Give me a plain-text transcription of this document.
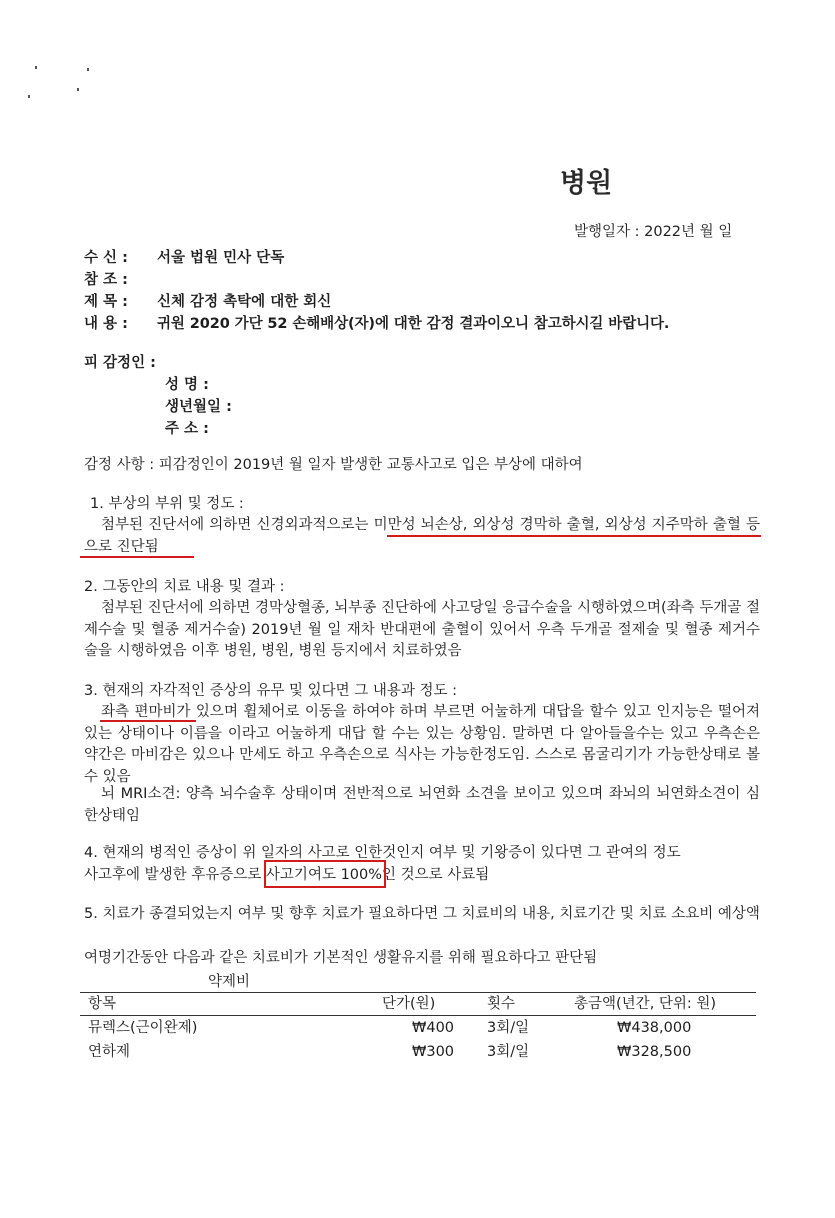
병원
발행일자 : 2022년 월 일
수 신 : 서울 법원 민사 단독
참 조 :
제 목 : 신체 감정 촉탁에 대한 회신
내 용 : 귀원 2020 가단 52 손해배상(자)에 대한 감정 결과이오니 참고하시길 바랍니다.
피 감정인 :
성 명 :
생년월일 :
주 소 :
감정 사항 : 피감정인이 2019년 월 일자 발생한 교통사고로 입은 부상에 대하여
1. 부상의 부위 및 정도 :
첨부된 진단서에 의하면 신경외과적으로는 미만성 뇌손상, 외상성 경막하 출혈, 외상성 지주막하 출혈 등으로 진단됨
2. 그동안의 치료 내용 및 결과 :
첨부된 진단서에 의하면 경막상혈종, 뇌부종 진단하에 사고당일 응급수술을 시행하였으며(좌측 두개골 절제수술 및 혈종 제거수술) 2019년 월 일 재차 반대편에 출혈이 있어서 우측 두개골 절제술 및 혈종 제거수술을 시행하였음 이후 병원, 병원, 병원 등지에서 치료하였음
3. 현재의 자각적인 증상의 유무 및 있다면 그 내용과 정도 :
좌측 편마비가 있으며 휠체어로 이동을 하여야 하며 부르면 어눌하게 대답을 할수 있고 인지능은 떨어져 있는 상태이나 이름을 이라고 어눌하게 대답 할 수는 있는 상황임. 말하면 다 알아들을수는 있고 우측손은 약간은 마비감은 있으나 만세도 하고 우측손으로 식사는 가능한정도임. 스스로 몸굴리기가 가능한상태로 볼수 있음
뇌 MRI소견: 양측 뇌수술후 상태이며 전반적으로 뇌연화 소견을 보이고 있으며 좌뇌의 뇌연화소견이 심한상태임
4. 현재의 병적인 증상이 위 일자의 사고로 인한것인지 여부 및 기왕증이 있다면 그 관여의 정도
사고후에 발생한 후유증으로 사고기여도 100%인 것으로 사료됨
5. 치료가 종결되었는지 여부 및 향후 치료가 필요하다면 그 치료비의 내용, 치료기간 및 치료 소요비 예상액
여명기간동안 다음과 같은 치료비가 기본적인 생활유지를 위해 필요하다고 판단됨
약제비
항목	단가(원)	횟수	총금액(년간, 단위: 원)
뮤렉스(근이완제)	₩400 3회/일	₩438,000
연하제	₩300 3회/일	₩328,500
